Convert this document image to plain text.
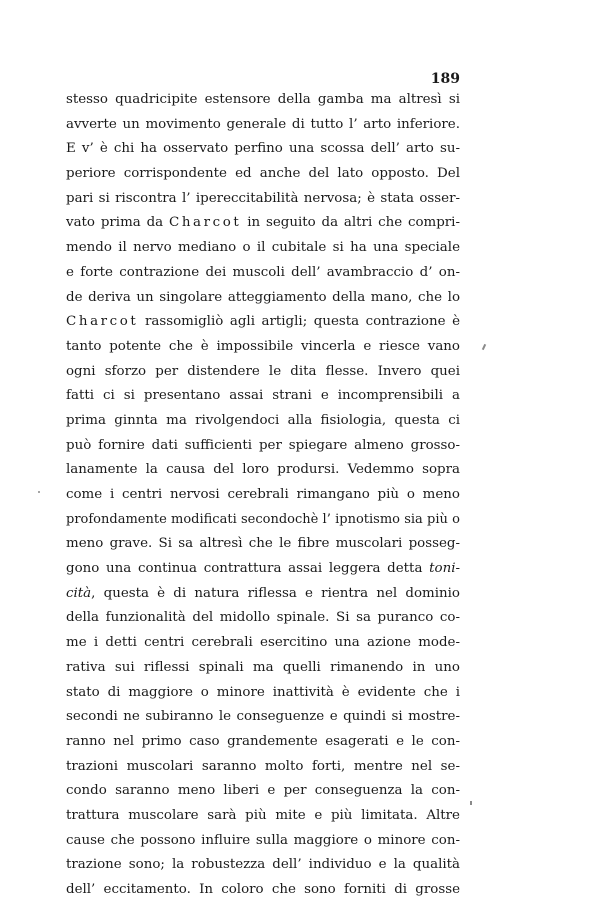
189
stesso quadricipite estensore della gamba ma altresì si
avverte un movimento generale di tutto l’ arto inferiore.
E v’ è chi ha osservato perfino una scossa dell’ arto su-
periore corrispondente ed anche del lato opposto. Del
pari si riscontra l’ ipereccitabilità nervosa; è stata osser-
vato prima da Charcot in seguito da altri che compri-
mendo il nervo mediano o il cubitale si ha una speciale
e forte contrazione dei muscoli dell’ avambraccio d’ on-
de deriva un singolare atteggiamento della mano, che lo
Charcot rassomigliò agli artigli; questa contrazione è
tanto potente che è impossibile vincerla e riesce vano
ogni sforzo per distendere le dita flesse. Invero quei
fatti ci si presentano assai strani e incomprensibili a
prima ginnta ma rivolgendoci alla fisiologia, questa ci
può fornire dati sufficienti per spiegare almeno grosso-
lanamente la causa del loro prodursi. Vedemmo sopra
come i centri nervosi cerebrali rimangano più o meno
profondamente modificati secondochè l’ ipnotismo sia più o
meno grave. Si sa altresì che le fibre muscolari posseg-
gono una continua contrattura assai leggera detta toni-
cità, questa è di natura riflessa e rientra nel dominio
della funzionalità del midollo spinale. Si sa puranco co-
me i detti centri cerebrali esercitino una azione mode-
rativa sui riflessi spinali ma quelli rimanendo in uno
stato di maggiore o minore inattività è evidente che i
secondi ne subiranno le conseguenze e quindi si mostre-
ranno nel primo caso grandemente esagerati e le con-
trazioni muscolari saranno molto forti, mentre nel se-
condo saranno meno liberi e per conseguenza la con-
trattura muscolare sarà più mite e più limitata. Altre
cause che possono influire sulla maggiore o minore con-
trazione sono; la robustezza dell’ individuo e la qualità
dell’ eccitamento. In coloro che sono forniti di grosse
